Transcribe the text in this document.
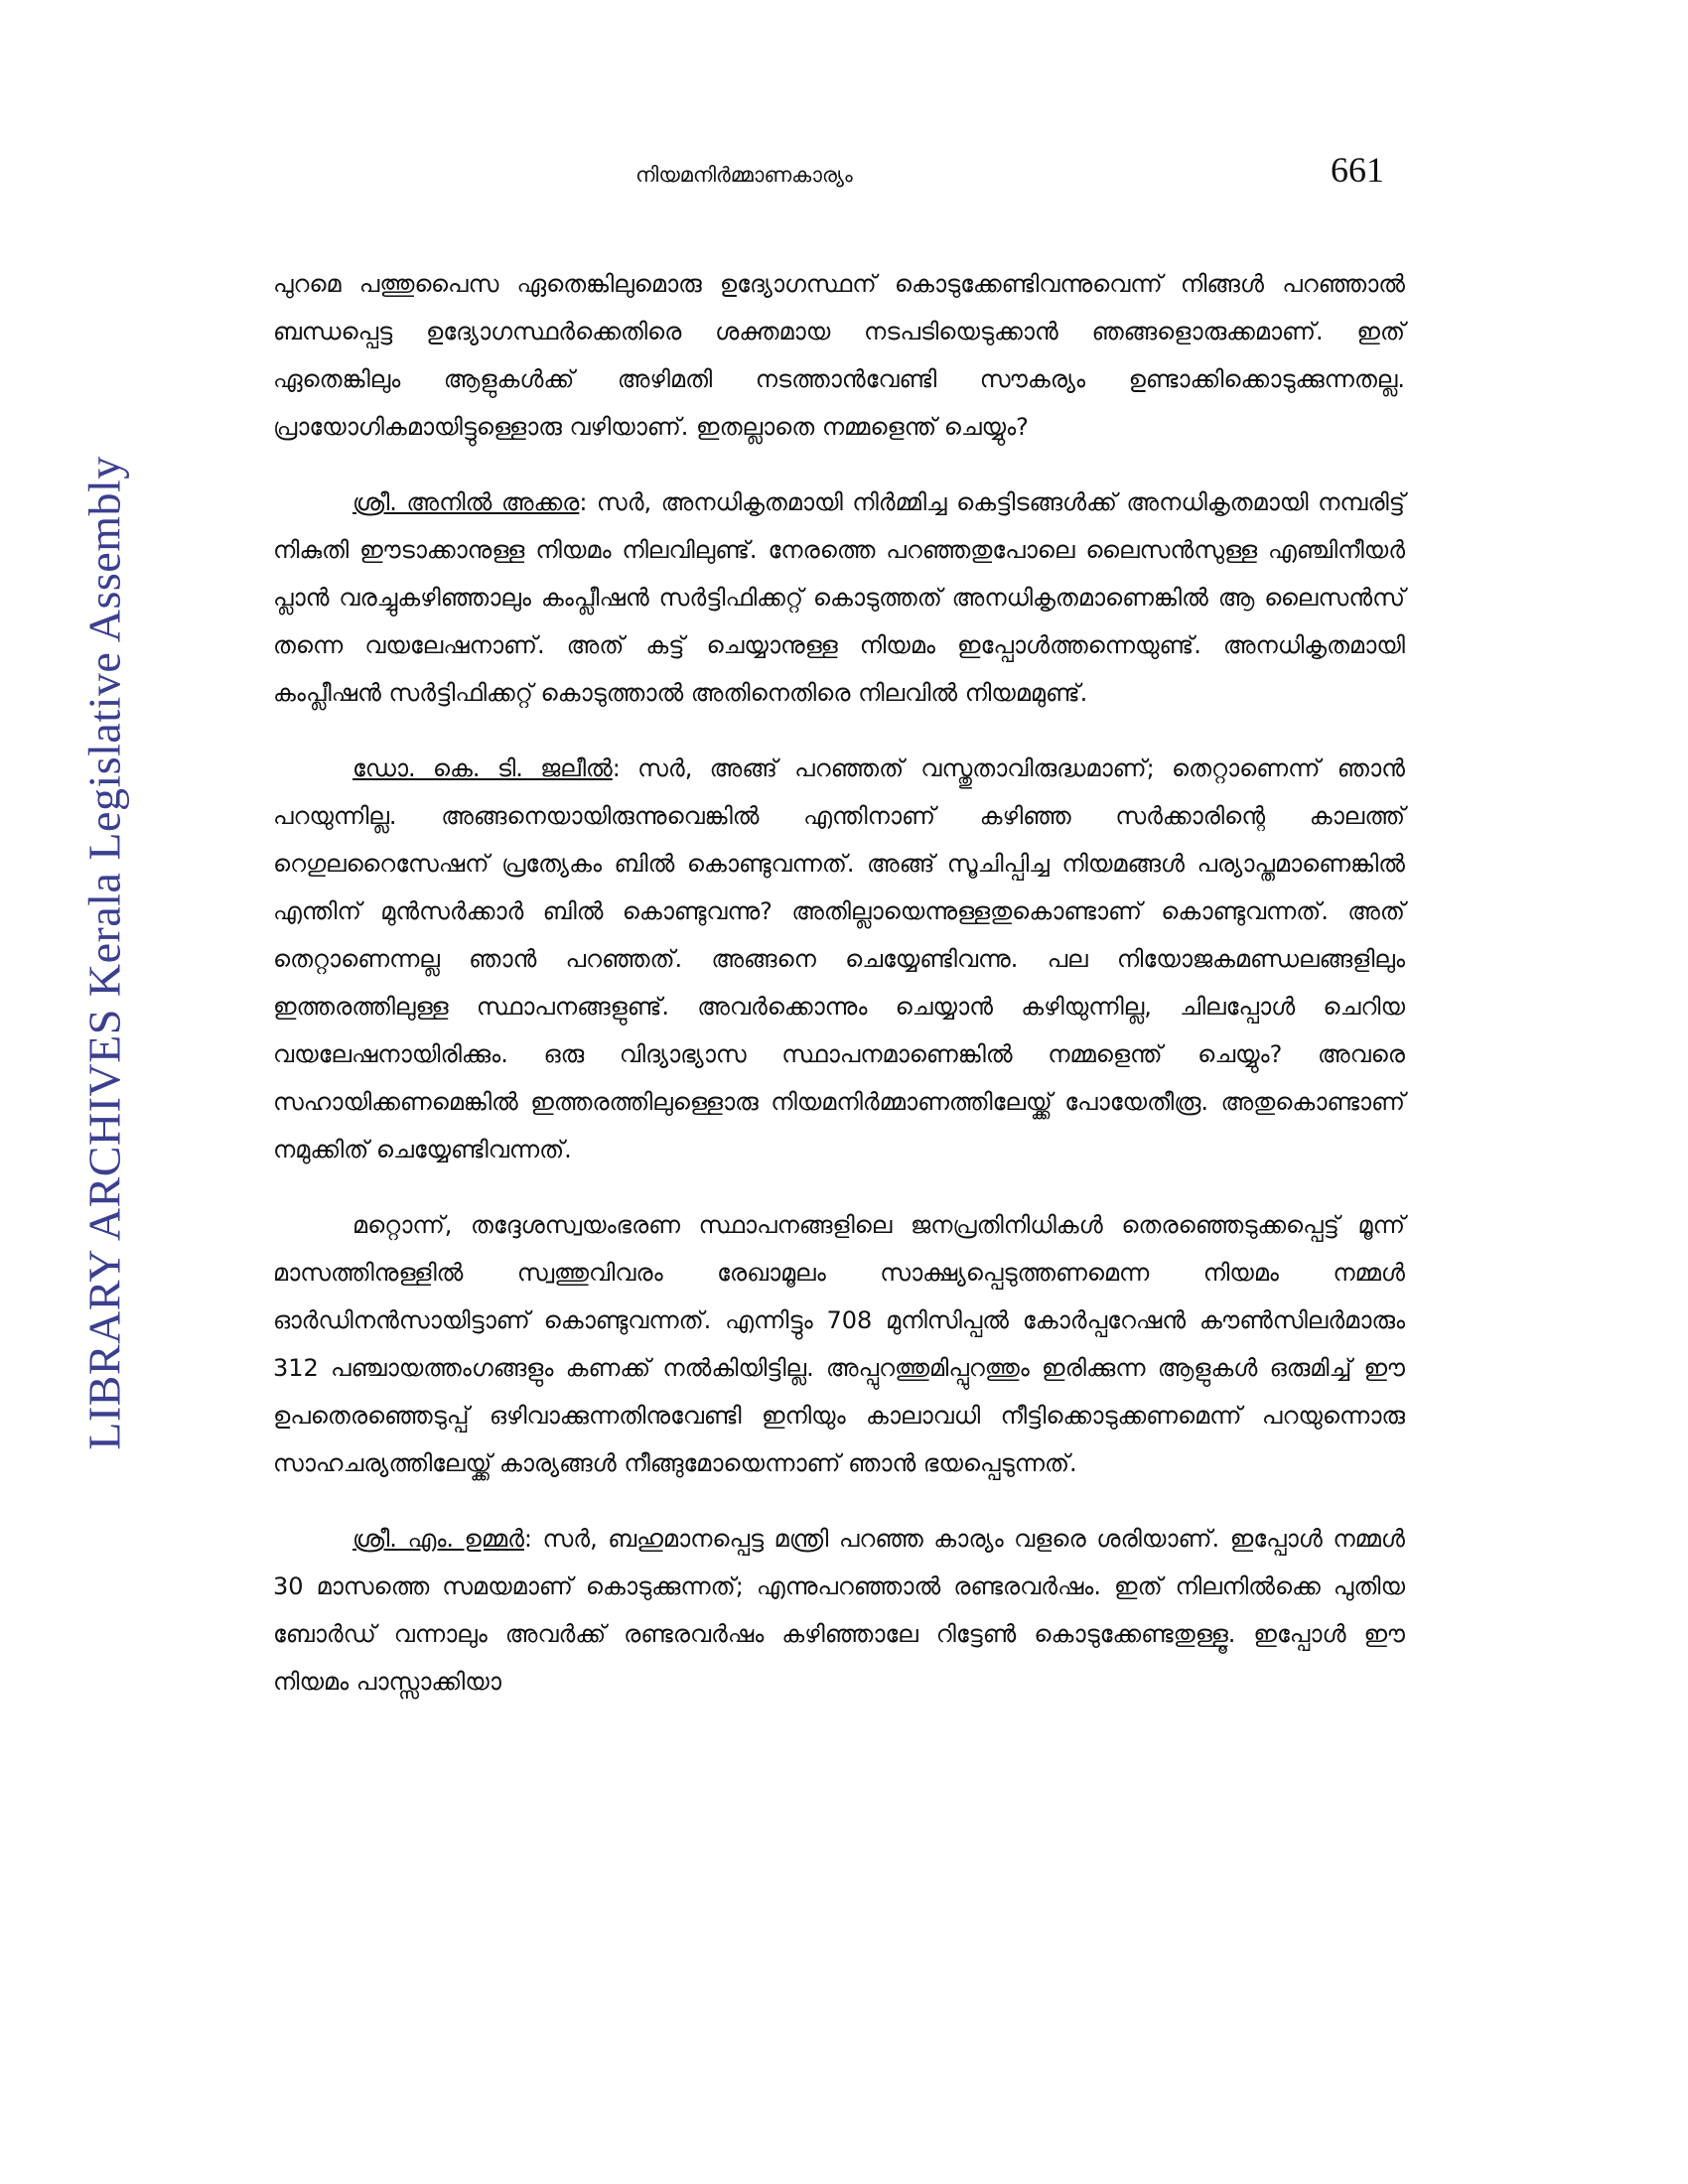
LIBRARY ARCHIVES Kerala Legislative Assembly
നിയമനിർമ്മാണകാര്യം	661

പുറമെ പത്തുപൈസ ഏതെങ്കിലുമൊരു ഉദ്യോഗസ്ഥന് കൊടുക്കേണ്ടിവന്നുവെന്ന് നിങ്ങൾ പറഞ്ഞാൽ ബന്ധപ്പെട്ട ഉദ്യോഗസ്ഥർക്കെതിരെ ശക്തമായ നടപടിയെടുക്കാൻ ഞങ്ങളൊരുക്കമാണ്. ഇത് ഏതെങ്കിലും ആളുകൾക്ക് അഴിമതി നടത്താൻവേണ്ടി സൗകര്യം ഉണ്ടാക്കിക്കൊടുക്കുന്നതല്ല. പ്രായോഗികമായിട്ടുള്ളൊരു വഴിയാണ്. ഇതല്ലാതെ നമ്മളെന്ത് ചെയ്യും?

ശ്രീ. അനിൽ അക്കര: സർ, അനധികൃതമായി നിർമ്മിച്ച കെട്ടിടങ്ങൾക്ക് അനധികൃതമായി നമ്പരിട്ട് നികുതി ഈടാക്കാനുള്ള നിയമം നിലവിലുണ്ട്. നേരത്തെ പറഞ്ഞതുപോലെ ലൈസൻസുള്ള എഞ്ചിനീയർ പ്ലാൻ വരച്ചുകഴിഞ്ഞാലും കംപ്ലീഷൻ സർട്ടിഫിക്കറ്റ് കൊടുത്തത് അനധികൃതമാണെങ്കിൽ ആ ലൈസൻസ് തന്നെ വയലേഷനാണ്. അത് കട്ട് ചെയ്യാനുള്ള നിയമം ഇപ്പോൾത്തന്നെയുണ്ട്. അനധികൃതമായി കംപ്ലീഷൻ സർട്ടിഫിക്കറ്റ് കൊടുത്താൽ അതിനെതിരെ നിലവിൽ നിയമമുണ്ട്.

ഡോ. കെ. ടി. ജലീൽ: സർ, അങ്ങ് പറഞ്ഞത് വസ്തുതാവിരുദ്ധമാണ്; തെറ്റാണെന്ന് ഞാൻ പറയുന്നില്ല. അങ്ങനെയായിരുന്നുവെങ്കിൽ എന്തിനാണ് കഴിഞ്ഞ സർക്കാരിന്റെ കാലത്ത് റെഗുലറൈസേഷന് പ്രത്യേകം ബിൽ കൊണ്ടുവന്നത്. അങ്ങ് സൂചിപ്പിച്ച നിയമങ്ങൾ പര്യാപ്തമാണെങ്കിൽ എന്തിന് മുൻസർക്കാർ ബിൽ കൊണ്ടുവന്നു? അതില്ലായെന്നുള്ളതുകൊണ്ടാണ് കൊണ്ടുവന്നത്. അത് തെറ്റാണെന്നല്ല ഞാൻ പറഞ്ഞത്. അങ്ങനെ ചെയ്യേണ്ടിവന്നു. പല നിയോജകമണ്ഡലങ്ങളിലും ഇത്തരത്തിലുള്ള സ്ഥാപനങ്ങളുണ്ട്. അവർക്കൊന്നും ചെയ്യാൻ കഴിയുന്നില്ല, ചിലപ്പോൾ ചെറിയ വയലേഷനായിരിക്കും. ഒരു വിദ്യാഭ്യാസ സ്ഥാപനമാണെങ്കിൽ നമ്മളെന്ത് ചെയ്യും? അവരെ സഹായിക്കണമെങ്കിൽ ഇത്തരത്തിലുള്ളൊരു നിയമനിർമ്മാണത്തിലേയ്ക്ക് പോയേതീരൂ. അതുകൊണ്ടാണ് നമുക്കിത് ചെയ്യേണ്ടിവന്നത്.

മറ്റൊന്ന്, തദ്ദേശസ്വയംഭരണ സ്ഥാപനങ്ങളിലെ ജനപ്രതിനിധികൾ തെരഞ്ഞെടുക്കപ്പെട്ട് മൂന്ന് മാസത്തിനുള്ളിൽ സ്വത്തുവിവരം രേഖാമൂലം സാക്ഷ്യപ്പെടുത്തണമെന്ന നിയമം നമ്മൾ ഓർഡിനൻസായിട്ടാണ് കൊണ്ടുവന്നത്. എന്നിട്ടും 708 മുനിസിപ്പൽ കോർപ്പറേഷൻ കൗൺസിലർമാരും 312 പഞ്ചായത്തംഗങ്ങളും കണക്ക് നൽകിയിട്ടില്ല. അപ്പുറത്തുമിപ്പുറത്തും ഇരിക്കുന്ന ആളുകൾ ഒരുമിച്ച് ഈ ഉപതെരഞ്ഞെടുപ്പ് ഒഴിവാക്കുന്നതിനുവേണ്ടി ഇനിയും കാലാവധി നീട്ടിക്കൊടുക്കണമെന്ന് പറയുന്നൊരു സാഹചര്യത്തിലേയ്ക്ക് കാര്യങ്ങൾ നീങ്ങുമോയെന്നാണ് ഞാൻ ഭയപ്പെടുന്നത്.

ശ്രീ. എം. ഉമ്മർ: സർ, ബഹുമാനപ്പെട്ട മന്ത്രി പറഞ്ഞ കാര്യം വളരെ ശരിയാണ്. ഇപ്പോൾ നമ്മൾ 30 മാസത്തെ സമയമാണ് കൊടുക്കുന്നത്; എന്നുപറഞ്ഞാൽ രണ്ടരവർഷം. ഇത് നിലനിൽക്കെ പുതിയ ബോർഡ് വന്നാലും അവർക്ക് രണ്ടരവർഷം കഴിഞ്ഞാലേ റിട്ടേൺ കൊടുക്കേണ്ടതുള്ളൂ. ഇപ്പോൾ ഈ നിയമം പാസ്സാക്കിയാ
